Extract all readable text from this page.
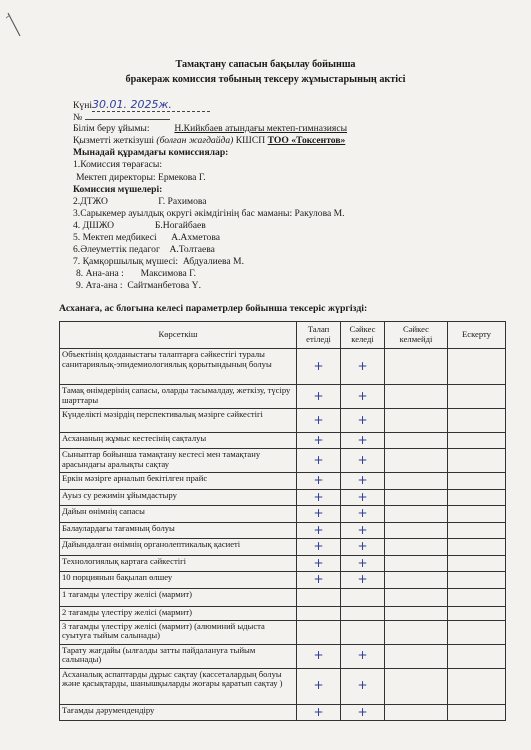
Тамақтану сапасын бақылау бойынша
бракераж комиссия тобының тексеру жұмыстарының актісі
Күні30.01. 2025ж.
№
Білім беру ұйымы:	Н.Кийкбаев атындағы мектеп-гимназиясы
Қызметті жеткізуші (болған жағдайда) КШСП ТОО «Токсентов»
Мынадай құрамдағы комиссиялар:
1.Комиссия төрағасы:
Мектеп директоры: Ермекова Г.
Комиссия мүшелері:
2.ДТЖО                     Г. Рахимова
3.Сарыкемер ауылдық округі әкімдігінің бас маманы: Ракулова М.
4. ДШЖО                 Б.Ногайбаев
5. Мектеп медбикесі      А.Ахметова
6.Әлеуметтік педагог    А.Толтаева
7. Қамқоршылық мүшесі:  Абдуалиева М.
8. Ана-ана :       Максимова Г.
9. Ата-ана :  Сайтманбетова Ү.
Асханаға, ас блогына келесі параметрлер бойынша тексеріс жүргізді:
Көрсеткіш	Талап етіледі	Сәйкес келеді	Сәйкес келмейді	Ескерту
Объектінің қолданыстағы талаптарға сәйкестігі туралы санитариялық-эпидемиологиялық қорытындының болуы	+	+		
Тамақ өнімдерінің сапасы, оларды тасымалдау, жеткізу, түсіру шарттары	+	+		
Күнделікті мәзірдің перспективалық мәзірге сәйкестігі	+	+		
Асхананың жұмыс кестесінің сақталуы	+	+		
Сыныптар бойынша тамақтану кестесі мен тамақтану арасындағы аралықты сақтау	+	+		
Еркін мәзірге арналып бекітілген прайс	+	+		
Ауыз су режимін ұйымдастыру	+	+		
Дайын өнімнің сапасы	+	+		
Балаулардағы тағамның болуы	+	+		
Дайындалған өнімнің органолептикалық қасиеті	+	+		
Технологиялық картаға сәйкестігі	+	+		
10 порциянын бақылап өлшеу	+	+		
1 тағамды үлестіру желісі (мармит)				
2 тағамды үлестіру желісі (мармит)				
3 тағамды үлестіру желісі (мармит) (алюминий ыдыста суытуға тыйым салынады)				
Тарату жағдайы (ылғалды затты пайдалануға тыйым салынады)	+	+		
Асханалық аспаптарды дұрыс сақтау (кассеталардың болуы және қасықтарды, шанышқыларды жоғары қаратып сақтау )	+	+		
Тағамды дәрумендендіру	+	+		
